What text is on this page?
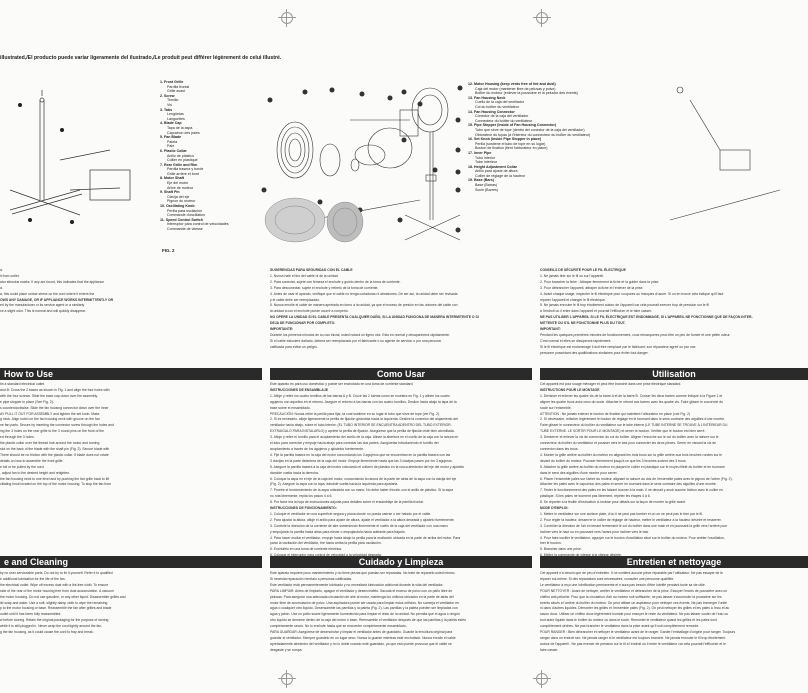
illustrated,/El producto puede variar ligeramente del ilustrado,/Le produit peut différer légèrement de celui illustré.
1. Front Grille
Parrilla frontal
Grille avant
2. Screw
Tornillo
Vis
3. Tabs
Lengüetas
Languettes
4. Blade Cap
Tapa de la aspa
Capuchon des pales
5. Fan Blade
Paleta
Pale
6. Plastic Collar
Anillo de plástico
Collier en plastique
7. Rear Grille and Rim
Parrilla trasera y borde
Grille arrière et bord
8. Motor Shaft
Eje del motor
Arbre de moteur
9. Shaft Pin
Clavija del eje
Pignon du moteur
10. Oscillating Knob
Perilla para oscilación
Commande d'oscillation
11. Speed Control Switch
Interruptor para control de velocidades
Commande de vitesse
FIG. 2
12. Motor Housing (keep vents free of lint and dust)
Caja del motor (mantener libre de pelusas y polvo)
Boîtier du moteur (enlever la poussière et la peluche des évents)
13. Fan Housing Neck
Cuello de la caja del ventilador
Col du boîtier du ventilateur
14. Fan Housing Connector
Conector de la caja del ventilador
Connecteur du boîtier du ventilateur
15. Pipe Stopper (Inside of Fan Housing Connector)
Tubo que sirve de tope (dentro del conector de la caja del ventilador)
Obturateur du tuyau (à l'intérieur du connecteur du boîtier du ventilateur)
16. Set Knob (Inside Pipe Stopper in place)
Perilla (sostiene el tubo de tope en su lugar)
Bouton de fixation (tient l'obturateur en place)
17. Inner Pipe
Tubo interior
Tube intérieur
18. Height Adjustment Collar
Anillo para ajuste de altura
Collier de réglage de la hauteur
19. Base (Bars)
Base (Barras)
Socle (Barres)

d.

it from outlet.

ator stimulus marks. If any are found, this indicates that the appliance

d.

a, this could place undue stress on the cord where it enters the

OWS ANY DAMAGE, OR IF APPLIANCE WORKS INTERMITTENTLY OR

ed by the manufacturer or its service agent or a similarly

ce a slight odor. This is normal and will quickly disappear.

How to Use

tin a standard electrical outlet.

and B. Cross the 2 bases as shown in Fig. 1 and align the four holes with

with the four screws. Slide the base cap down over the assembly.

e pipe stopper in place (See Fig. 2).

s counterclockwise. Slide the fan housing connector down over the inner

AY PULL IT OUT FOR ASSEMBLY and tighten the set knob. Make

g neck. Align notch on the fan housing neck with groove on the fan

ne fan parts. Secure by inserting the connector screw through the holes and

ing the 3 holes on the rear grille to the 3 round pins on the front of the

ed through the 3 holes.

the plastic collar over the thread hub around the motor and turning

slot on the back of the blade with the shaft pin (Fig. 2). Secure blade with

There should be no friction with the plastic collar. If blade does not rotate

details on how to assemble the front grille.

e full or be pulled by the cord.

, adjust fan to the desired height and retighten.

the fan housing neck to one level and by pushing the fan grille back to lift

cillating knob located on the top of the motor housing. To stop the fan from

e and Cleaning

by no user serviceable parts. Do not try to fix it yourself. Refer it to qualified

e additional lubrication for the life of the fan.

the electrical outlet. Wipe off excess dust with a lint-free cloth. To ensure

side of the rear of the motor housing free from dust accumulation. A vacuum

the motor housing. Do not use gasoline, or any other liquid. Disassemble grilles and

ild soap and water. Use a soft, slightly damp cloth to wipe the remaining

p to the motor housing or base. Reassemble the fan after grilles and blade

outlet until it has been fully reassembled.

w before storing. Retain the original packaging for the purpose of storing

while it is still plugged in. Never wrap the cord tightly around the fan,

g the fan housing, as it could cause the cord to fray and break.

SUGERENCIAS PARA SEGURIDAD CON EL CABLE

1. Nunca hale el tiro del cable ni de la unidad.

2. Para conectar, sujete con firmeza el enchufe y guíelo dentro de la toma de corriente.

3. Para desconectar, sujete el enchufe y retírelo de la toma de corriente.

4. Antes de usar el aparato, verifique que el cable no tenga cortaduras ni abrasiones. De ser así, la unidad debe ser revisada

y el cable debe ser reemplazado.

5. Nunca enrolle el cable de manera apretada en torno a la unidad, ya que el exceso de presión en las uniones del cable con

la unidad a con el enchufe puede ocurrir a romperlo.

NO OPERE LA UNIDAD SI EL CABLE PRESENTA CUALQUIER DAÑO, SI LA UNIDAD FUNCIONA DE MANERA INTERMITENTE O SI

DEJA DE FUNCIONAR POR COMPLETO.

IMPORTANTE:

Durante los primeros minutos de su uso inicial, usted notará un ligero olor. Esto es normal y desaparecerá rápidamente.

Si el cable estuviere dañado, deberá ser reemplazado por el fabricante o su agente de servicio o por una persona

calificada para evitar un peligro.

Como Usar

Este aparato es para uso doméstico y puede ser enchufado en una toma de corriente standard.

INSTRUCCIONES DE ENSAMBLAJE

1. Afloje y retire los cuatro tornillos de las barras A y B. Cruce las 2 barras como se muestra en Fig. 1 y alinee los cuatro

agujeros con aquellos en el retorno. Asegure el retorno a las barras con los cuatro tornillos. Deslice hacia abajo la tapa de la

base sobre el ensamblado.

PRECAUCIÓN: Nunca retire la perilla para fijar, ta cual sostiene en su lugar el tubo que sirve de tope (ver Fig. 2).

2. Si es necesario, afloje ligeramente la perilla de fijación girándola hacia la izquierda. Deslice la conexión del alojamiento del

ventilador hacia abajo, sobre el tubo interior. (EL TUBO INTERIOR SE ENCUENTRA ADENTRO DEL TUBO EXTERIOR.

EXTRAIGALO PARA INSTALARLO) y apriete la perilla de fijación. Asegúrese que la perilla de fijación esté bien atornillada.

3. Afloje y retire el tornillo para el acoplamiento del cuello de la caja. Alinee la abertura en el cuello de la caja con la ranura en

el tubo para conectar y empuje hacia abajo para conectar las dos partes. Asegúrelas introduciendo el tornillo del

acoplamiento a través de los agujeros y ajústelos fuertemente.

4. Fije la parrilla trasera en la caja del motor concordando los 3 agujeros que se encuentran en la parrilla trasera con las

3 clavijas en la parte delantera de la caja del motor. Empuje firmemente hasta que las 3 clavijas pasen por los 3 agujeros.

5. Asegure la parrilla trasera a la caja del motor colocando el collarín de plástico en la rosca alrededor del eje del motor y ajústelo

dándole vuelta hacia la derecha.

6. Coloque la aspa en el eje de la caja del motor, concordando la ranura de la parte de atrás de la aspa con la clavija del eje

(Fig. 2). Asegure la aspa con la tapa, dándole vuelta hacia la izquierda para ajustarla.

7. Pruebe el funcionamiento de la aspa rotándola con su mano. No debe haber fricción con el anillo de plástico. Si la aspa

no rota libremente, repita los pasos 4 a 6.

8. Por favor lea la hoja de instrucciones adjunta para detalles sobre el ensamblaje de la parrilla frontal.

INSTRUCCIONES DE FUNCIONAMIENTO:

1. Coloque el ventilador en una superficie segura y plana donde no pueda caerse o ser halado por el cable.

2. Para ajustar la altura, afloje el anillo para ajuste de altura, ajuste el ventilador a la altura deseada y ajústelo fuertemente.

3. Controle la dirección de la corriente de aire sosteniendo firmemente el cuello de la caja del ventilador con una mano

y empujando la parrilla hacia atrás para elevar o empujándola hacia adelante para bajarlo.

4. Para hacer oscilar el ventilador, empuje hacia abajo la perilla para la oscilación ubicada en la parte de arriba del motor. Para

parar la oscilación del ventilador, tire hacia arriba la perilla para oscilación.

5. Enchúfelo en una toma de corriente eléctrica.

Cuidado y Limpieza

Este aparato requiere poco mantenimiento y no tiene piezas que puedan ser reparadas. No trate de repararlo usted mismo.

Si necesita reparación remítalo a personas calificadas.

Este ventilador está permanentemente lubricado y no necesitará lubricación adicional durante la vida del ventilador.

PARA LIMPIAR: Antes de limpiarlo, apague el ventilador y desenchúfelo. Sacuda el exceso de polvo con un paño libre de

pelusas. Para asegurar una adecuada circulación de aire al motor, mantenga los orificios ubicados en la parte de atrás del

motor libre de acumulación de polvo. Una aspiradora puede ser usada para limpiar estos orificios. No sumerja el ventilador en

agua ó cualquier otro líquido. Desensamble las parrillas y la paleta (Fig. 2). Las parrillas y la paleta pueden ser limpiadas con

agua y jabón. Use un paño suave ligeramente humedecido para limpiar el resto de la unidad. No permita que el agua ó ningún

otro líquido se derrame dentro de la caja del motor ó base. Reensamble el ventilador después de que las parrillas y la paleta estén

completamente secos. No lo enchufe hasta que se encuentre completamente ensamblado.

PARA GUARDAR: Asegúrese de desenchufar y limpiar el ventilador antes de guardarlo. Guarde la envoltura original para

guardar el ventilador. Siempre guárdelo en un lugar seco. Nunca lo guarde mientras esté enchufado. Nunca enrolle el cable

apretadamente alrededor del ventilador y no lo doble cuando esté guardado, ya que esto puede provocar que el cable se

desgaste y se rompa.

CONSEILS DE SÉCURITÉ POUR LE FIL ÉLECTRIQUE

1. Ne jamais tirer sur le fil ou sur l'appareil.

2. Pour brancher la fiche : Attraper fermement la fiche et la guider dans la prise.

3. Pour débrancher l'appareil, attraper la fiche et l'enlever de la prise.

4. Avant chaque usage, inspecter le fil électrique pour coupures ou marques d'usure. Si on en trouve cela indique qu'il faut

réparer l'appareil et changer le fil électrique.

5. Ne jamais enrouler le fil trop étroitement autour de l'appareil car cela pourrait exercer trop de pression sur le fil

à l'endroit où il entre dans l'appareil et pourrait l'effilocher et le faire casser.

NE PAS UTILISER L'APPAREIL SI LE FIL ÉLECTRIQUE EST ENDOMMAGÉ, SI L'APPAREIL NE FONCTIONNE QUE DE FAÇON INTER-

MITTENTE OU S'IL NE FONCTIONNE PLUS DU TOUT.

IMPORTANT:

Pendant les quelques premières minutes de fonctionnement, vous remarquerez peut-être un peu de fumée et une petite odeur.

C'est normal et elles se dissiperont rapidement.

Si le fil électrique est endommagé il doit être remplacé par le fabricant, son réparateur agréé ou par une

personne possédant des qualifications similaires pour éviter tout danger.

Utilisation

Cet appareil est pour usage ménager et peut être branché dans une prise électrique standard.

INSTRUCTIONS POUR LE MONTAGE

1. Dévisser et enlever les quatre vis de la barre A et de la barre B. Croiser les deux barres comme indiqué à la Figure 1 et

aligner les quatre trous avec ceux du socle. Attacher le rebord aux barres avec les quatre vis. Faire glisser le couvercle du

socle sur l'ensemble.

ATTENTION : Ne jamais enlever le bouton de fixation qui maintient l'obturateur en place (voir Fig. 2)

2. Si nécessaire, relâcher légèrement le bouton de réglage en le tournant dans le sens contraire des aiguilles d'une montre.

Faire glisser le connecteur du boîtier du ventilateur sur le tube interne (LE TUBE INTERNE SE TROUVE À L'INTÉRIEUR DU

TUBE EXTERNE. LE SORTIR POUR LE MONTAGE) et serrer le bouton. Vérifier que le bouton est bien serré.

3. Desserrer et enlever la vis de connexion du col du boîtier. Aligner l'encoche sur le col du boîtier avec la rainure sur le

connecteur du boîtier du ventilateur et pousser vers le bas pour connecter les deux pièces. Serrer en vissant la vis de

connexion dans les trous.

4. Monter la grille arrière au boîtier du moteur en alignant les trois trous sur la grille arrière aux trois broches rondes sur le

devant du boîtier du moteur. Pousser fermement jusqu'à ce que les 3 broches sortent des 3 trous.

5. Attacher la grille arrière au boîtier du moteur en plaçant le collier en plastique sur le moyeu fileté du boîtier et en tournant

dans le sens des aiguilles d'une montre pour serrer.

6. Placer l'ensemble pales sur l'arbre du moteur, alignant la rainure au dos de l'ensemble pales avec le pignon de l'arbre (Fig. 2).

Attacher les pales avec le capuchon des pales et serrer en tournant dans le sens contraire des aiguilles d'une montre.

7. Tester le fonctionnement des pales en les faisant tourner à la main. Il ne devrait y avoir aucune friction avec le collier en

plastique. Si les pales ne tournent pas librement, répéter les étapes 4 à 6.

8. Se reporter à la feuille d'instruction ci-incluse pour détails sur la façon de monter la grille avant.

MODE D'EMPLOI:

1. Mettre le ventilateur sur une surface plate, d'où il ne peut pas tomber et où on ne peut pas le tirer par le fil.

2. Pour régler la hauteur, desserrer le collier de réglage de hauteur, mettre le ventilateur à la hauteur désirée et resserrer.

3. Contrôler la direction de l'air en tenant fermement le col du boîtier dans une main et en poussant la grille vers l'arrière pour

incliner vers le haut ou en poussant vers l'avant pour incliner vers le bas.

4. Pour faire osciller le ventilateur, appuyer sur le bouton d'oscillation situé sur le boîtier du moteur. Pour arrêter l'oscillation,

tirer le bouton.

5. Brancher dans une prise.

Entretien et nettoyage

Cet appareil n'a besoin que de peu d'entretien. Il ne contient aucune pièce réparable par l'utilisateur. Ne pas essayer de le

réparer soi-même. Si des réparations sont nécessaires, consulter une personne qualifiée.

Le ventilateur a reçu une lubrification permanente et n'aura pas besoin d'être lubrifié pendant toute sa vie utile.

POUR NETTOYER : Avant de nettoyer, arrêter le ventilateur et débrancher de la prise. Essuyer l'excès de poussière avec un

chiffon anti-peluche. Pour que la circulation d'air au moteur soit suffisante, ne pas laisser s'accumuler la poussière sur les

évents situés à l'arrière du boîtier du moteur. On peut utiliser un aspirateur pour nettoyer ces évents. Ne pas immerger l'unité

ni dans d'autres liquides. Démonter les grilles et l'ensemble pales (Fig. 2). On peut nettoyer les grilles et les pales à l'eau et au

savon doux. Utiliser un chiffon doux légèrement humide pour essuyer le reste du ventilateur. Ne pas laisser couler de l'eau ou

tout autre liquide dans le boîtier du moteur ou dans le socle. Remonter le ventilateur quand les grilles et les pales sont

complètement sèches. Ne pas brancher le ventilateur dans la prise avant qu'il soit complètement remonté.

POUR RANGER : Bien débrancher et nettoyer le ventilateur avant de le ranger. Garder l'emballage d'origine pour ranger. Toujours

ranger dans un endroit sec. Ne jamais ranger si le ventilateur est toujours branché. Ne jamais enrouler le fil trop étroitement

autour de l'appareil . Ne pas exercer de pression sur le fil à l'endroit où il entre le ventilateur car cela pourrait l'effilocher et le

faire casser.
